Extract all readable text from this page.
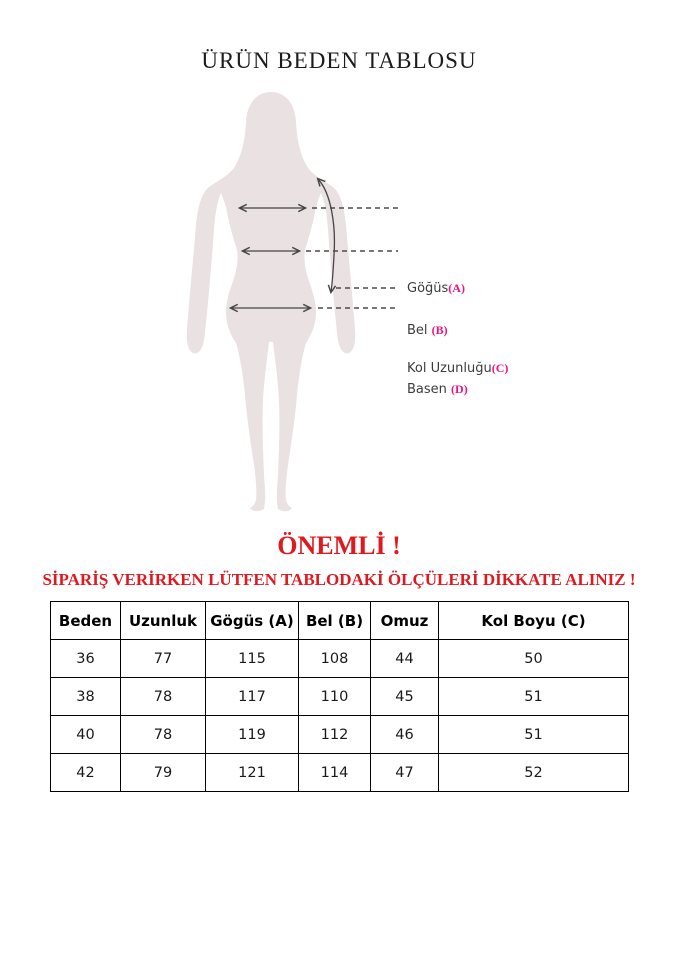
ÜRÜN BEDEN TABLOSU
Göğüs(A)
Bel (B)
Kol Uzunluğu(C)
Basen (D)
ÖNEMLİ !
SİPARİŞ VERİRKEN LÜTFEN TABLODAKİ ÖLÇÜLERİ DİKKATE ALINIZ !
Beden	Uzunluk	Gögüs (A)	Bel (B)	Omuz	Kol Boyu (C)
36	77	115	108	44	50
38	78	117	110	45	51
40	78	119	112	46	51
42	79	121	114	47	52
